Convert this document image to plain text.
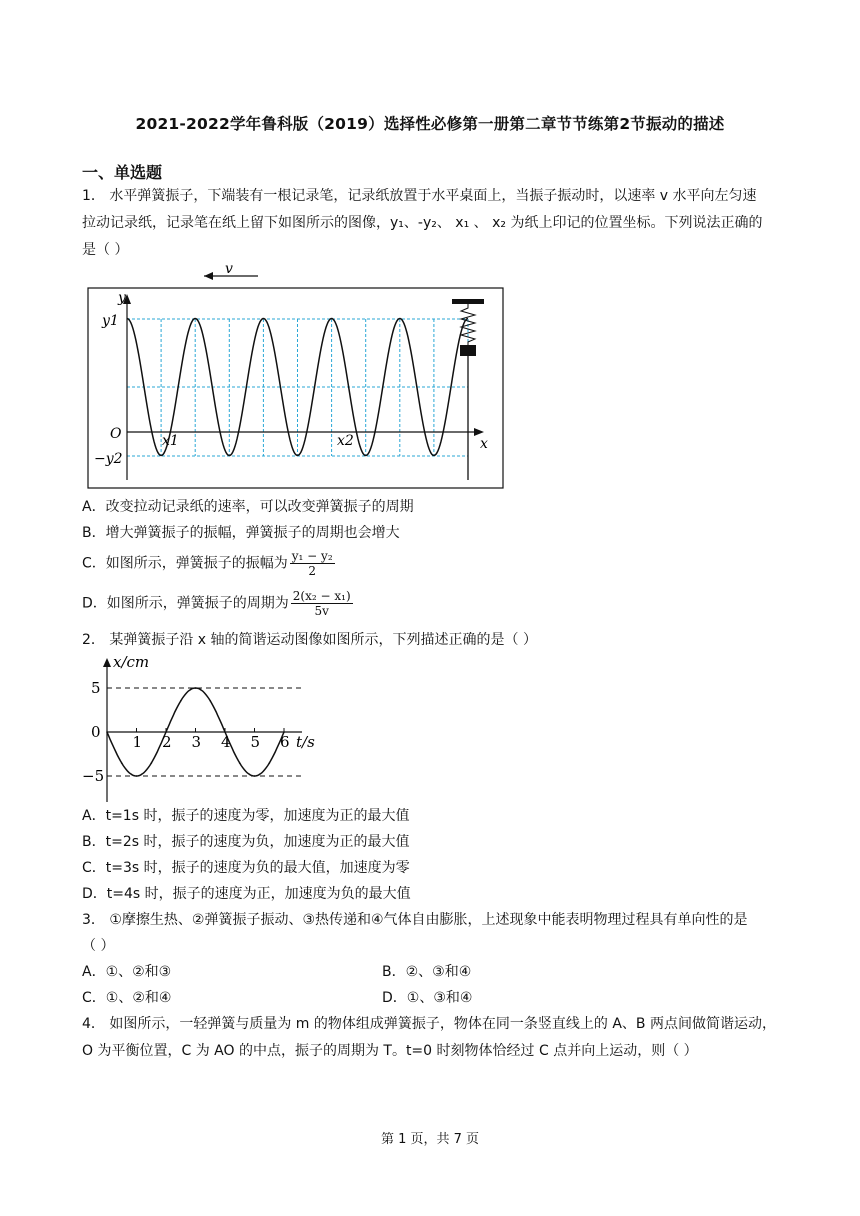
2021-2022学年鲁科版（2019）选择性必修第一册第二章节节练第2节振动的描述
一、单选题
1． 水平弹簧振子，下端装有一根记录笔，记录纸放置于水平桌面上，当振子振动时，以速率 v 水平向左匀速
拉动记录纸，记录笔在纸上留下如图所示的图像，y₁、-y₂、 x₁ 、 x₂ 为纸上印记的位置坐标。下列说法正确的
是（ ）
v
y
x
O
y1
−y2
x1	x2
A．改变拉动记录纸的速率，可以改变弹簧振子的周期
B．增大弹簧振子的振幅，弹簧振子的周期也会增大
C．如图所示，弹簧振子的振幅为 $\frac{\text{y₁ − y₂}}{2}$
D．如图所示，弹簧振子的周期为 $\frac{\text{2(x₂ − x₁)}}{5v}$
2． 某弹簧振子沿 x 轴的简谐运动图像如图所示，下列描述正确的是（ ）
1 2 3 4 5 6
5
0
−5
x/cm
t/s
A．t=1s 时，振子的速度为零，加速度为正的最大值
B．t=2s 时，振子的速度为负，加速度为正的最大值
C．t=3s 时，振子的速度为负的最大值，加速度为零
D．t=4s 时，振子的速度为正，加速度为负的最大值
3． ①摩擦生热、②弹簧振子振动、③热传递和④气体自由膨胀，上述现象中能表明物理过程具有单向性的是
（ ）
A．①、②和③	B．②、③和④
C．①、②和④	D．①、③和④
4． 如图所示，一轻弹簧与质量为 m 的物体组成弹簧振子，物体在同一条竖直线上的 A、B 两点间做简谐运动，
O 为平衡位置，C 为 AO 的中点，振子的周期为 T。t=0 时刻物体恰经过 C 点并向上运动，则（ ）
第 1 页，共 7 页
